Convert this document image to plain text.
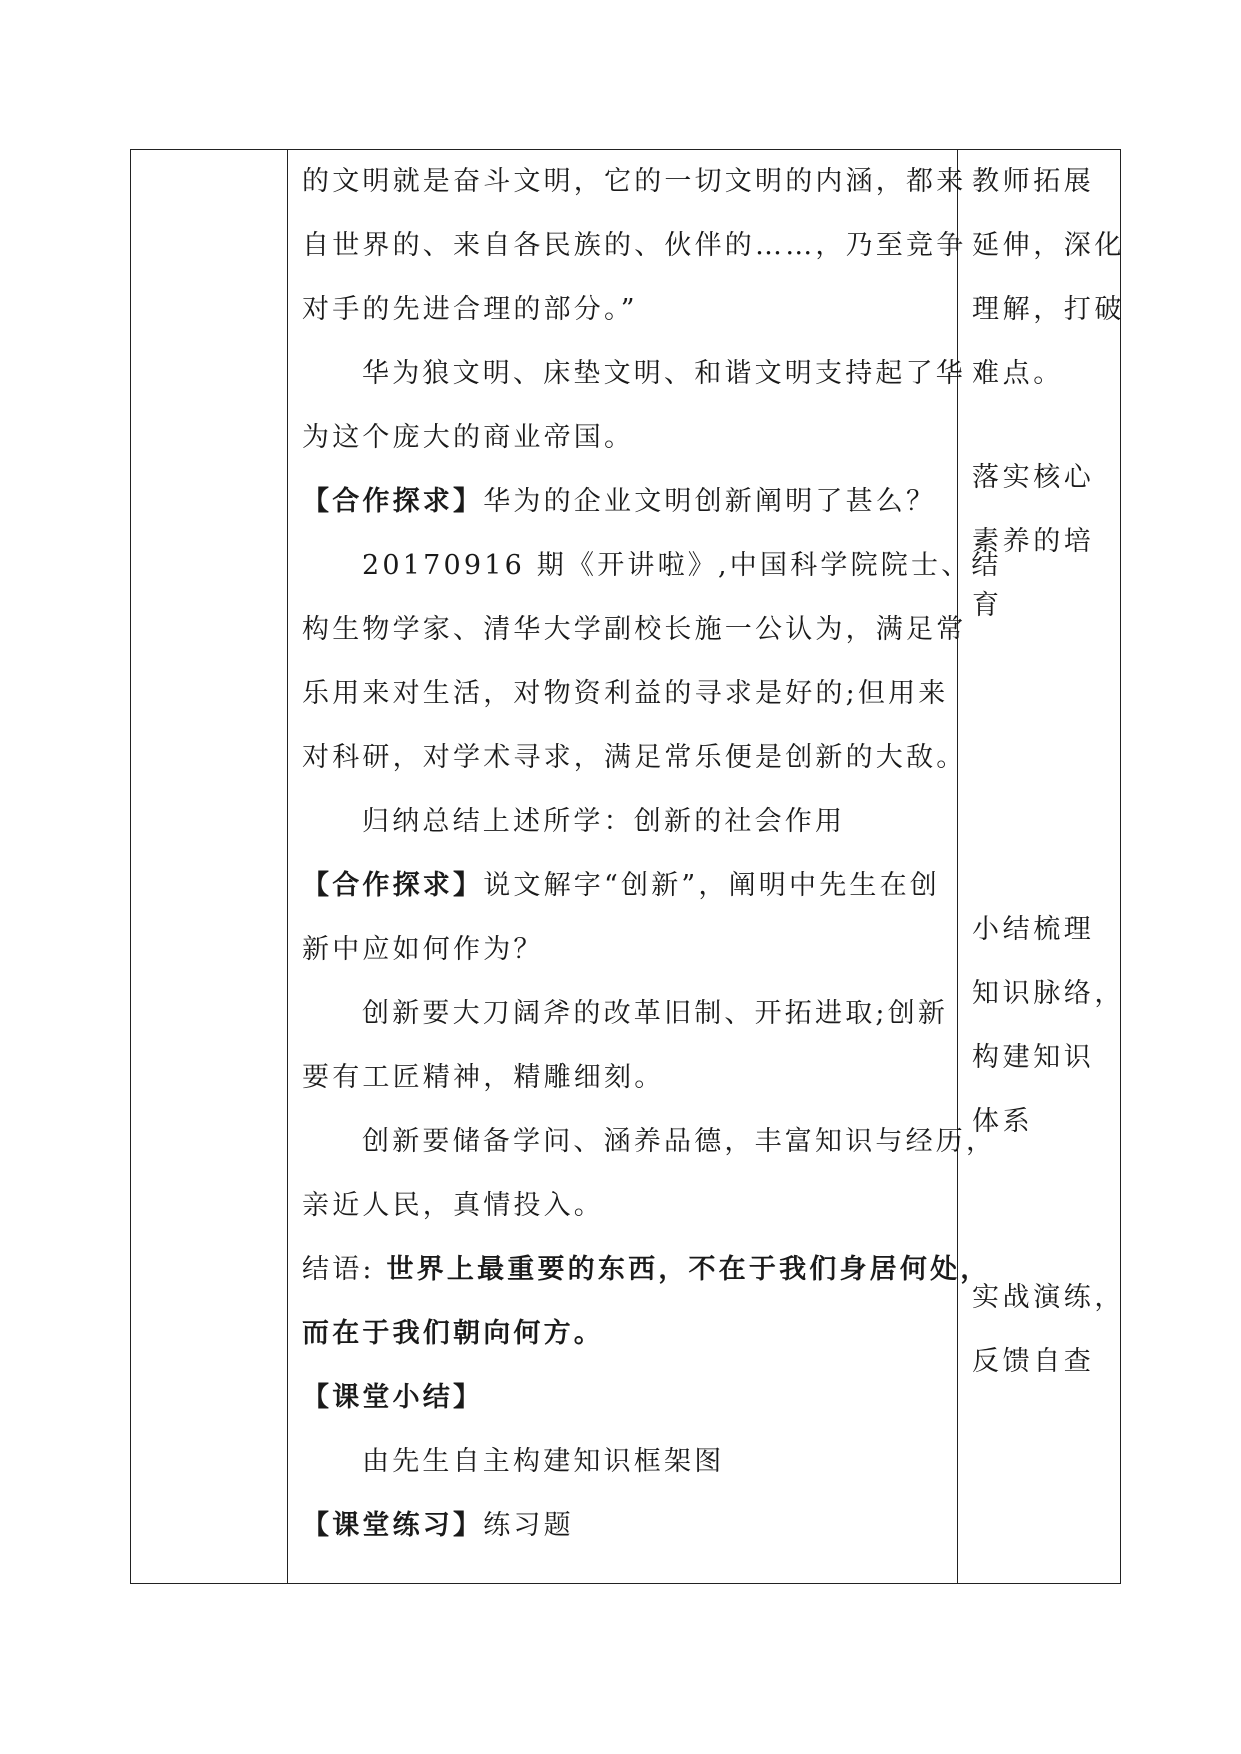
的文明就是奋斗文明，它的一切文明的内涵，都来
自世界的、来自各民族的、伙伴的……，乃至竞争
对手的先进合理的部分。”
华为狼文明、床垫文明、和谐文明支持起了华
为这个庞大的商业帝国。
【合作探求】华为的企业文明创新阐明了甚么？
20170916 期《开讲啦》,中国科学院院士、结
构生物学家、清华大学副校长施一公认为，满足常
乐用来对生活，对物资利益的寻求是好的;但用来
对科研，对学术寻求，满足常乐便是创新的大敌。
归纳总结上述所学：创新的社会作用
【合作探求】说文解字“创新”，阐明中先生在创
新中应如何作为？
创新要大刀阔斧的改革旧制、开拓进取;创新
要有工匠精神，精雕细刻。
创新要储备学问、涵养品德，丰富知识与经历，
亲近人民，真情投入。
结语: 世界上最重要的东西，不在于我们身居何处，
而在于我们朝向何方。
【课堂小结】
由先生自主构建知识框架图
【课堂练习】练习题
教师拓展
延伸，深化
理解，打破
难点。
落实核心
素养的培
育
小结梳理
知识脉络，
构建知识
体系
实战演练，
反馈自查
